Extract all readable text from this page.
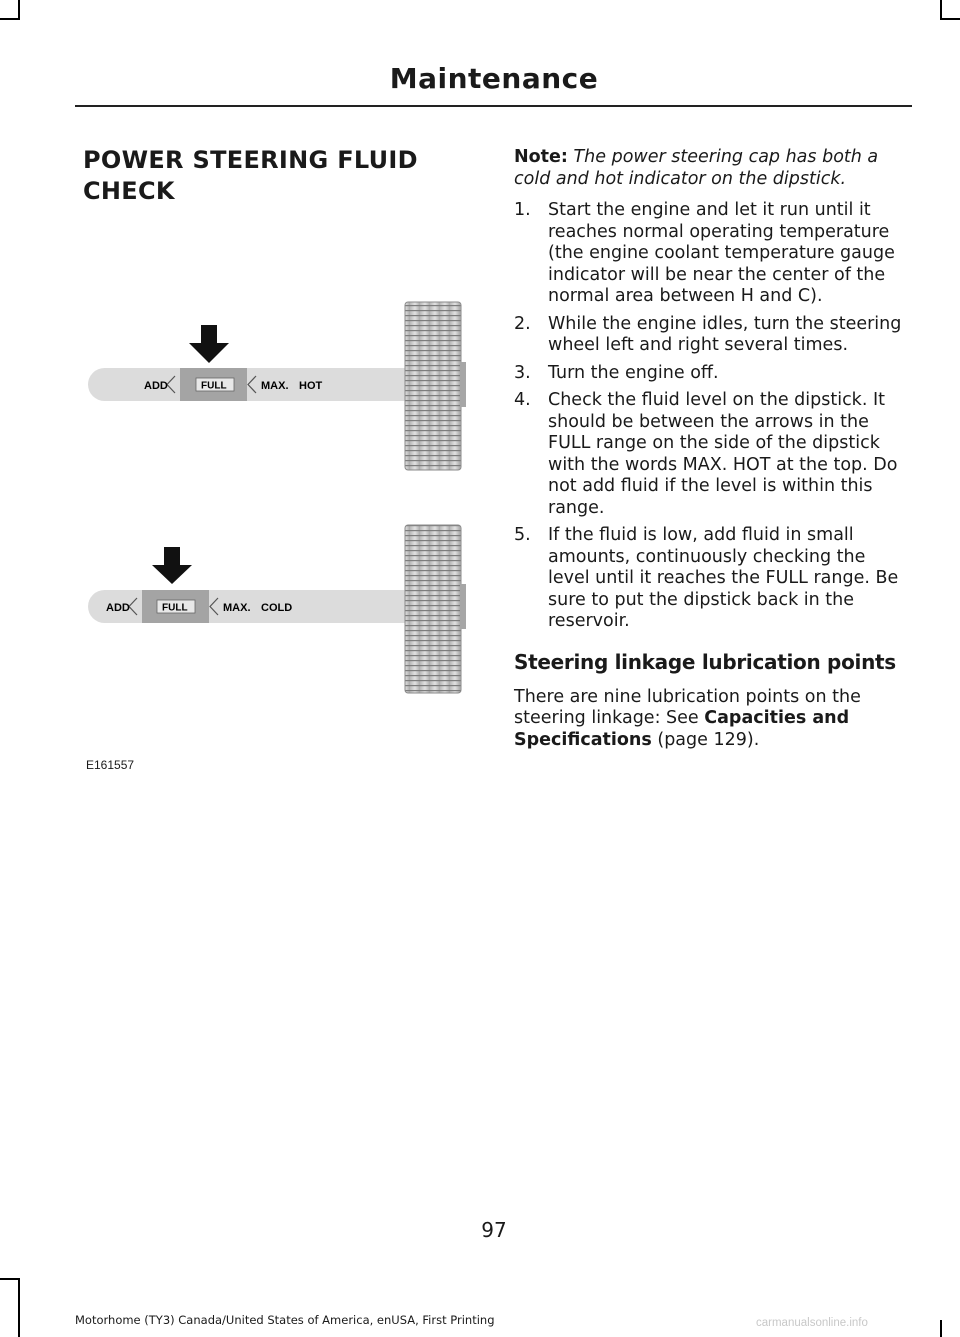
Maintenance
POWER STEERING FLUID CHECK
ADD	FULL	MAX. HOT
ADD	FULL	MAX. COLD
E161557

Note: The power steering cap has both a cold and hot indicator on the dipstick.

1. Start the engine and let it run until it reaches normal operating temperature (the engine coolant temperature gauge indicator will be near the center of the normal area between H and C).
2. While the engine idles, turn the steering wheel left and right several times.
3. Turn the engine off.
4. Check the fluid level on the dipstick. It should be between the arrows in the FULL range on the side of the dipstick with the words MAX. HOT at the top. Do not add fluid if the level is within this range.
5. If the fluid is low, add fluid in small amounts, continuously checking the level until it reaches the FULL range. Be sure to put the dipstick back in the reservoir.
Steering linkage lubrication points

There are nine lubrication points on the steering linkage: See Capacities and Specifications (page 129).

97
Motorhome (TY3) Canada/United States of America, enUSA, First Printing	carmanualsonline.info
